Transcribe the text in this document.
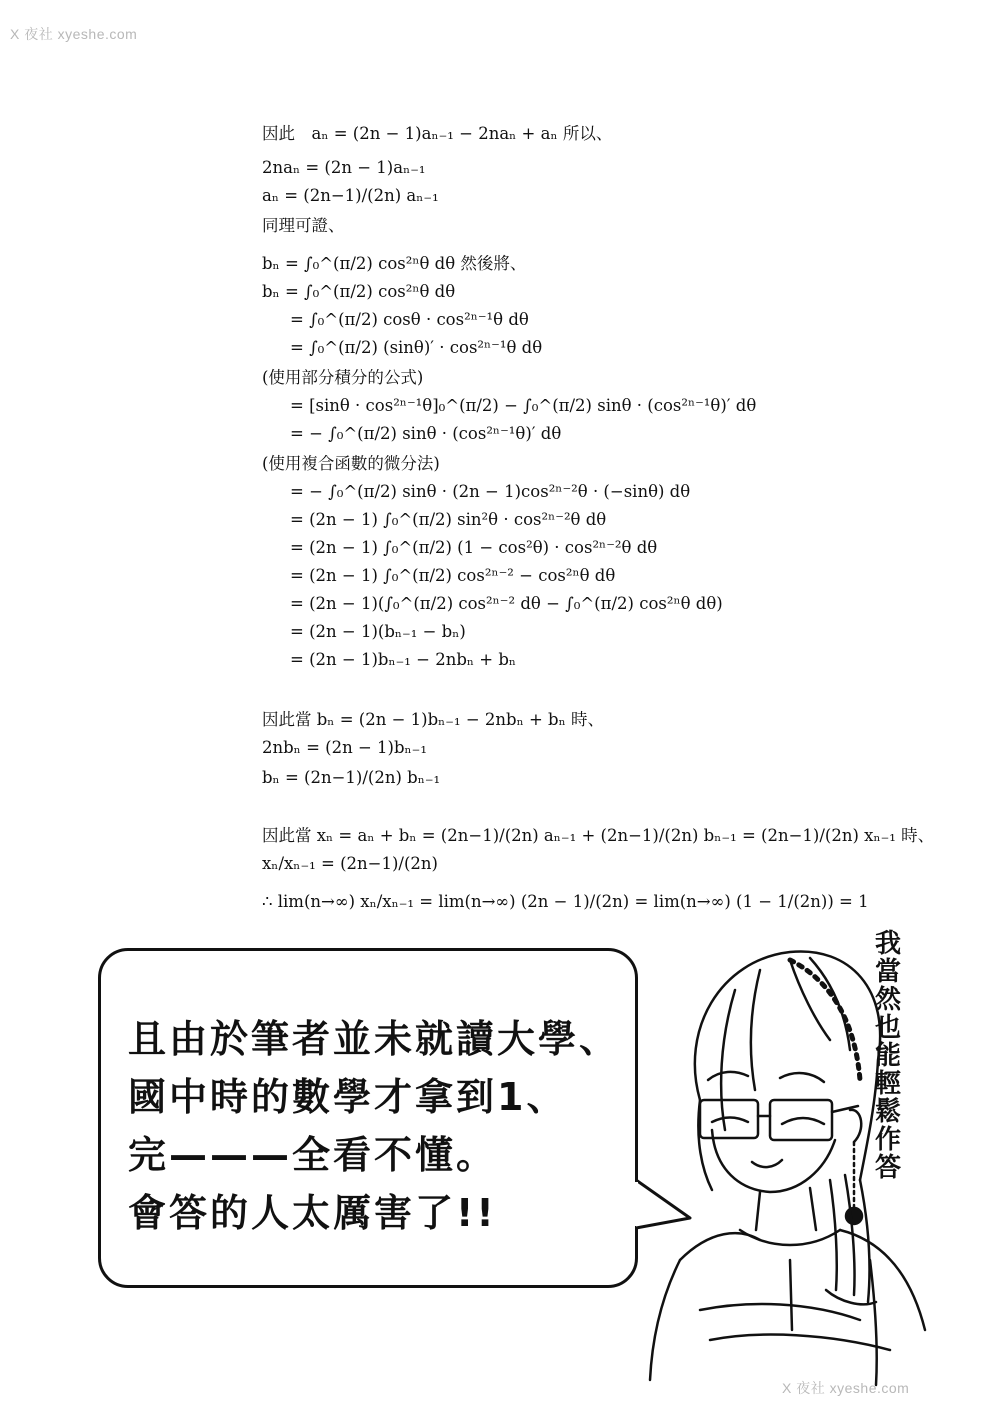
X 夜社 xyeshe.com
X 夜社 xyeshe.com
因此　aₙ = (2n − 1)aₙ₋₁ − 2naₙ + aₙ 所以、
2naₙ = (2n − 1)aₙ₋₁
aₙ = (2n−1)/(2n) aₙ₋₁
同理可證、
bₙ = ∫₀^(π/2) cos²ⁿθ dθ 然後將、
bₙ = ∫₀^(π/2) cos²ⁿθ dθ
= ∫₀^(π/2) cosθ · cos²ⁿ⁻¹θ dθ
= ∫₀^(π/2) (sinθ)′ · cos²ⁿ⁻¹θ dθ
(使用部分積分的公式)
= [sinθ · cos²ⁿ⁻¹θ]₀^(π/2) − ∫₀^(π/2) sinθ · (cos²ⁿ⁻¹θ)′ dθ
= − ∫₀^(π/2) sinθ · (cos²ⁿ⁻¹θ)′ dθ
(使用複合函數的微分法)
= − ∫₀^(π/2) sinθ · (2n − 1)cos²ⁿ⁻²θ · (−sinθ) dθ
= (2n − 1) ∫₀^(π/2) sin²θ · cos²ⁿ⁻²θ dθ
= (2n − 1) ∫₀^(π/2) (1 − cos²θ) · cos²ⁿ⁻²θ dθ
= (2n − 1) ∫₀^(π/2) cos²ⁿ⁻² − cos²ⁿθ dθ
= (2n − 1)(∫₀^(π/2) cos²ⁿ⁻² dθ − ∫₀^(π/2) cos²ⁿθ dθ)
= (2n − 1)(bₙ₋₁ − bₙ)
= (2n − 1)bₙ₋₁ − 2nbₙ + bₙ
因此當 bₙ = (2n − 1)bₙ₋₁ − 2nbₙ + bₙ 時、
2nbₙ = (2n − 1)bₙ₋₁
bₙ = (2n−1)/(2n) bₙ₋₁
因此當 xₙ = aₙ + bₙ = (2n−1)/(2n) aₙ₋₁ + (2n−1)/(2n) bₙ₋₁ = (2n−1)/(2n) xₙ₋₁ 時、
xₙ/xₙ₋₁ = (2n−1)/(2n)
∴ lim(n→∞) xₙ/xₙ₋₁ = lim(n→∞) (2n − 1)/(2n) = lim(n→∞) (1 − 1/(2n)) = 1
且由於筆者並未就讀大學、
國中時的數學才拿到1、
完———全看不懂。
會答的人太厲害了!!
我當然也能輕鬆作答
